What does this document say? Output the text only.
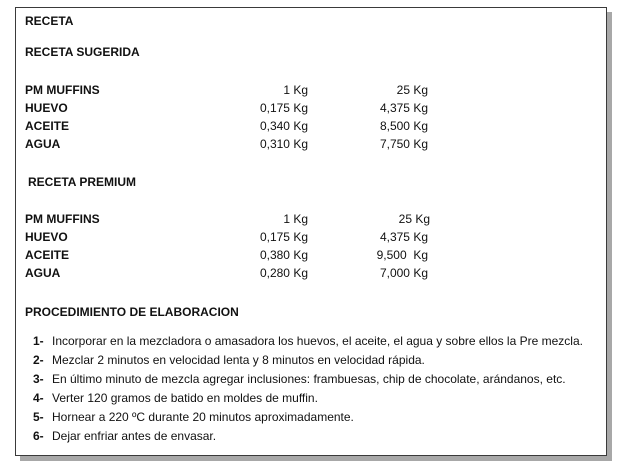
RECETA
RECETA SUGERIDA
PM MUFFINS	1 Kg	25 Kg
HUEVO	0,175 Kg	4,375 Kg
ACEITE	0,340 Kg	8,500 Kg
AGUA	0,310 Kg	7,750 Kg
RECETA PREMIUM
PM MUFFINS	1 Kg	25 Kg
HUEVO	0,175 Kg	4,375 Kg
ACEITE	0,380 Kg	9,500  Kg
AGUA	0,280 Kg	7,000 Kg
PROCEDIMIENTO DE ELABORACION
1- Incorporar en la mezcladora o amasadora los huevos, el aceite, el agua y sobre ellos la Pre mezcla.
2- Mezclar 2 minutos en velocidad lenta y 8 minutos en velocidad rápida.
3- En último minuto de mezcla agregar inclusiones: frambuesas, chip de chocolate, arándanos, etc.
4- Verter 120 gramos de batido en moldes de muffin.
5- Hornear a 220 ºC durante 20 minutos aproximadamente.
6- Dejar enfriar antes de envasar.
